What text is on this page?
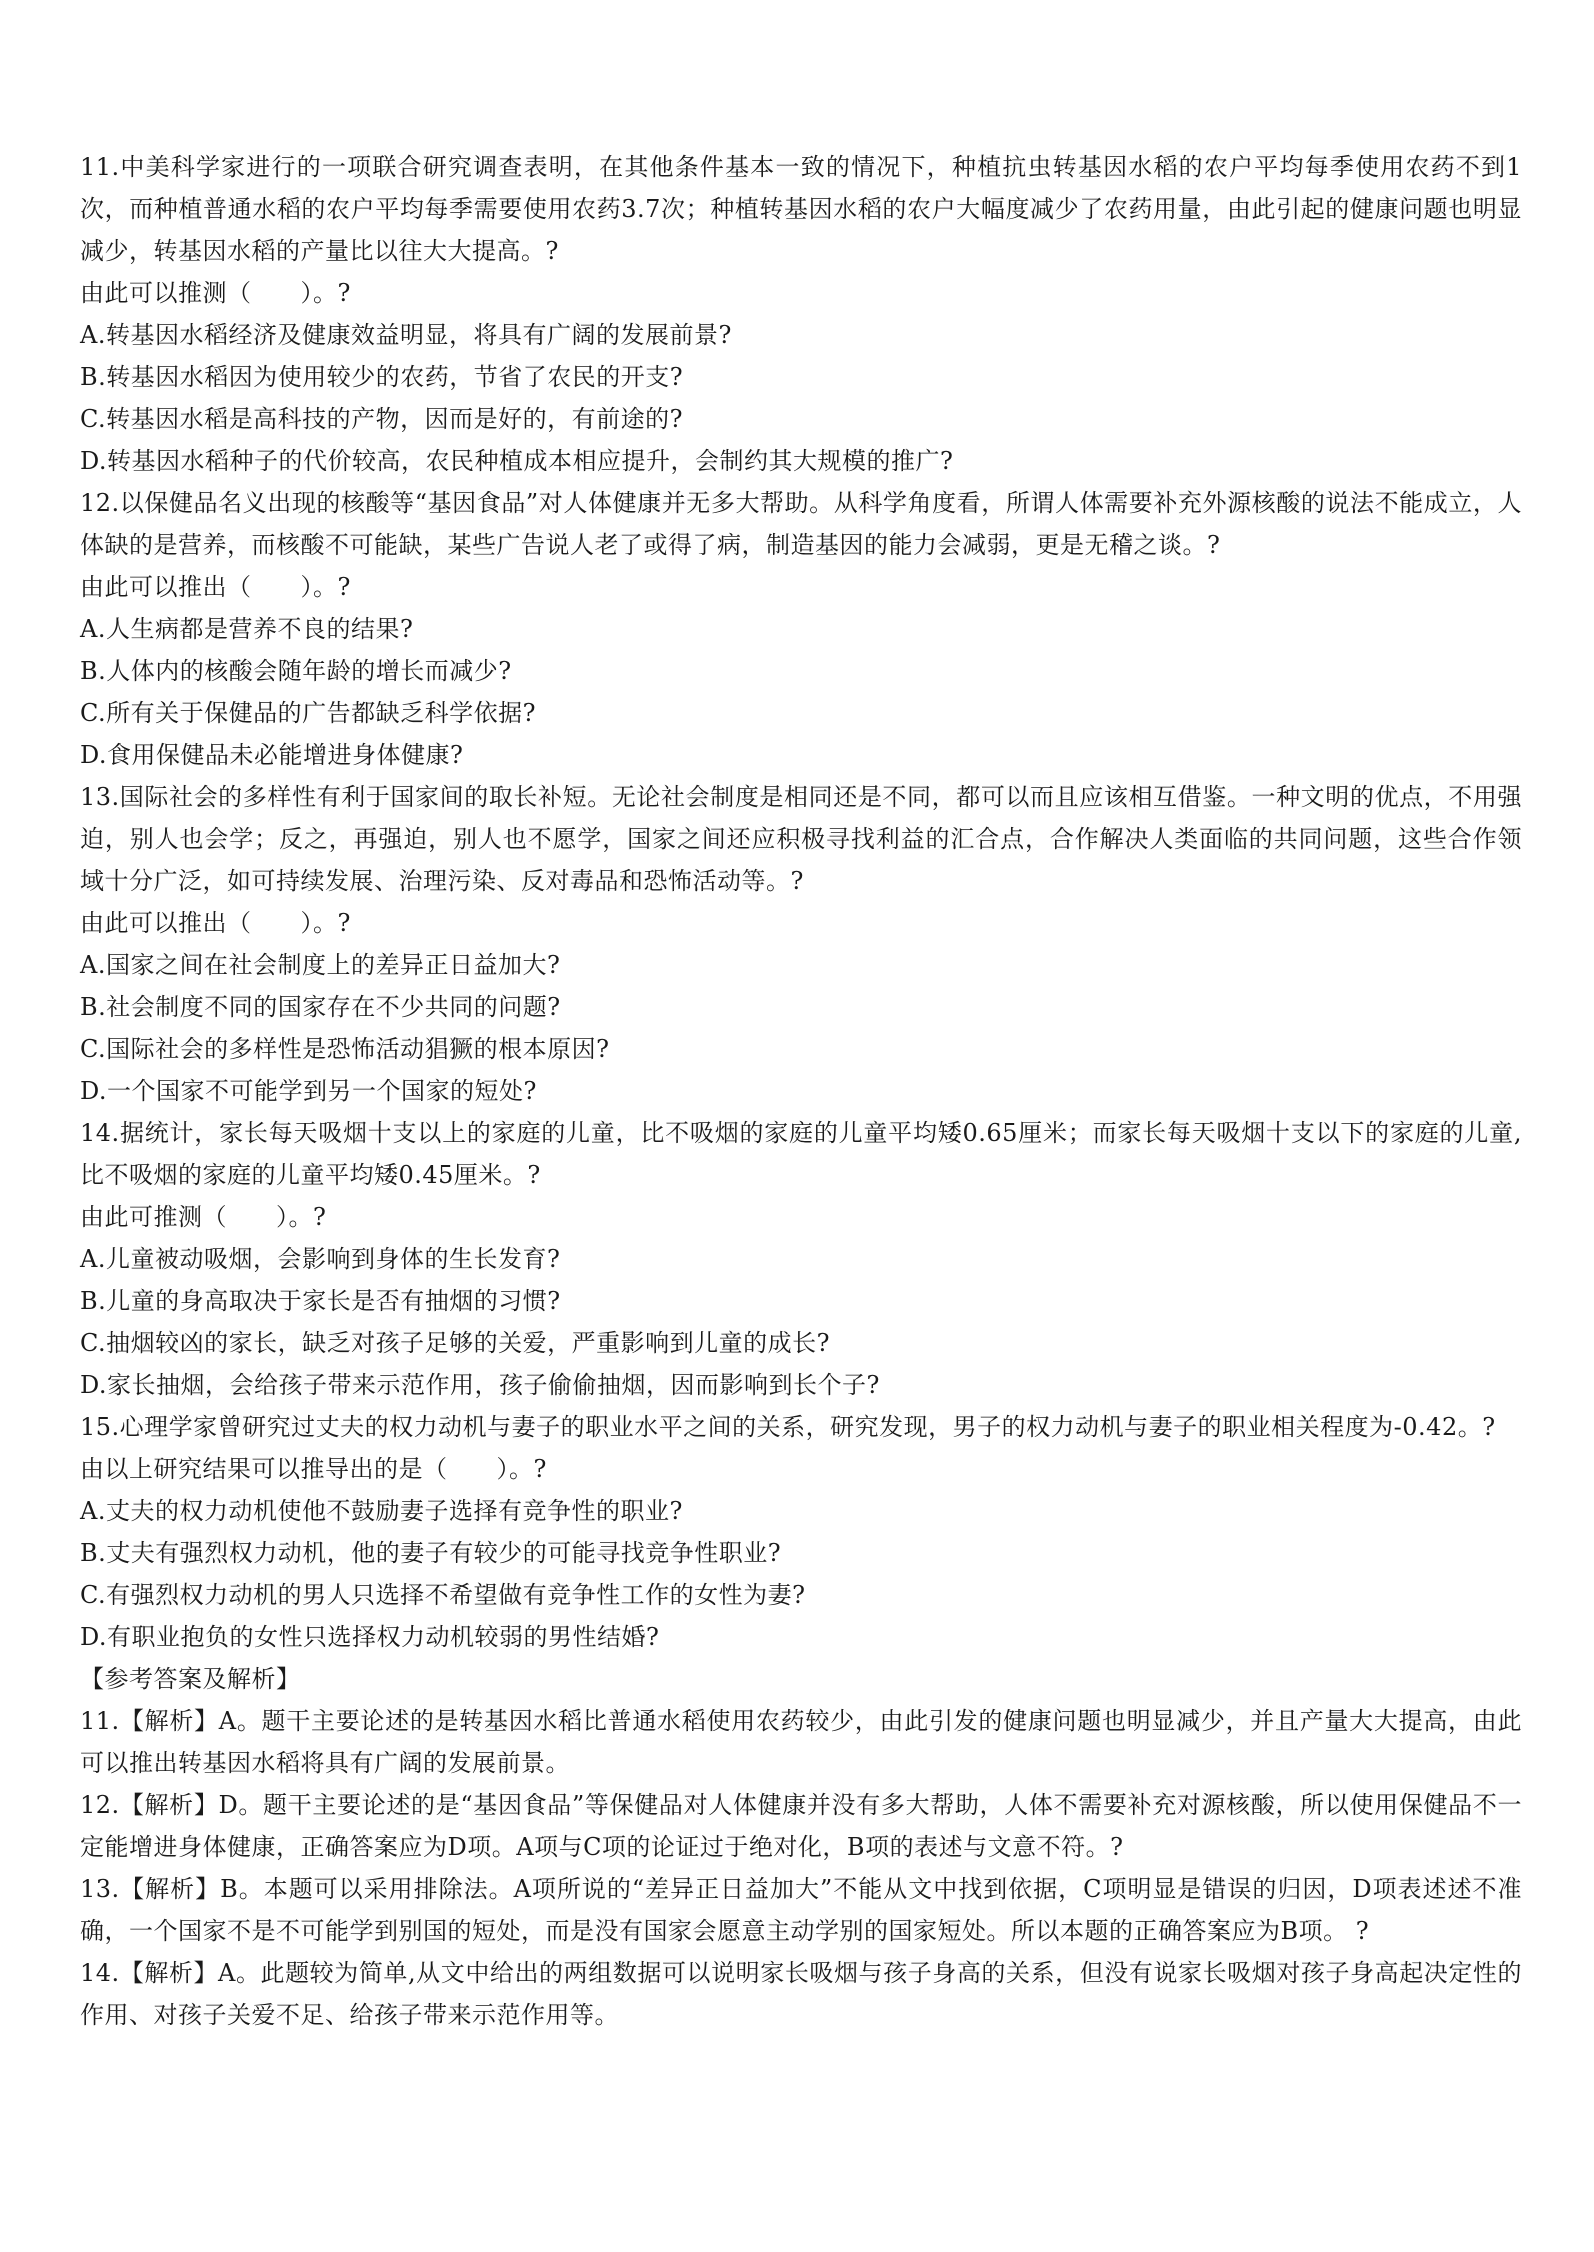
11.中美科学家进行的一项联合研究调查表明，在其他条件基本一致的情况下，种植抗虫转基因水稻的农户平均每季使用农药不到1次，而种植普通水稻的农户平均每季需要使用农药3.7次；种植转基因水稻的农户大幅度减少了农药用量，由此引起的健康问题也明显减少，转基因水稻的产量比以往大大提高。?

由此可以推测（　　）。?

A.转基因水稻经济及健康效益明显，将具有广阔的发展前景?
B.转基因水稻因为使用较少的农药，节省了农民的开支?
C.转基因水稻是高科技的产物，因而是好的，有前途的?
D.转基因水稻种子的代价较高，农民种植成本相应提升，会制约其大规模的推广?

12.以保健品名义出现的核酸等“基因食品”对人体健康并无多大帮助。从科学角度看，所谓人体需要补充外源核酸的说法不能成立，人体缺的是营养，而核酸不可能缺，某些广告说人老了或得了病，制造基因的能力会减弱，更是无稽之谈。?

由此可以推出（　　）。?

A.人生病都是营养不良的结果?
B.人体内的核酸会随年龄的增长而减少?
C.所有关于保健品的广告都缺乏科学依据?
D.食用保健品未必能增进身体健康?

13.国际社会的多样性有利于国家间的取长补短。无论社会制度是相同还是不同，都可以而且应该相互借鉴。一种文明的优点，不用强迫，别人也会学；反之，再强迫，别人也不愿学，国家之间还应积极寻找利益的汇合点，合作解决人类面临的共同问题，这些合作领域十分广泛，如可持续发展、治理污染、反对毒品和恐怖活动等。?

由此可以推出（　　）。?

A.国家之间在社会制度上的差异正日益加大?
B.社会制度不同的国家存在不少共同的问题?
C.国际社会的多样性是恐怖活动猖獗的根本原因?
D.一个国家不可能学到另一个国家的短处?

14.据统计，家长每天吸烟十支以上的家庭的儿童，比不吸烟的家庭的儿童平均矮0.65厘米；而家长每天吸烟十支以下的家庭的儿童,比不吸烟的家庭的儿童平均矮0.45厘米。?

由此可推测（　　）。?

A.儿童被动吸烟，会影响到身体的生长发育?
B.儿童的身高取决于家长是否有抽烟的习惯?
C.抽烟较凶的家长，缺乏对孩子足够的关爱，严重影响到儿童的成长?
D.家长抽烟，会给孩子带来示范作用，孩子偷偷抽烟，因而影响到长个子?

15.心理学家曾研究过丈夫的权力动机与妻子的职业水平之间的关系，研究发现，男子的权力动机与妻子的职业相关程度为-0.42。?

由以上研究结果可以推导出的是（　　）。?

A.丈夫的权力动机使他不鼓励妻子选择有竞争性的职业?
B.丈夫有强烈权力动机，他的妻子有较少的可能寻找竞争性职业?
C.有强烈权力动机的男人只选择不希望做有竞争性工作的女性为妻?
D.有职业抱负的女性只选择权力动机较弱的男性结婚?

【参考答案及解析】

11.【解析】A。题干主要论述的是转基因水稻比普通水稻使用农药较少，由此引发的健康问题也明显减少，并且产量大大提高，由此可以推出转基因水稻将具有广阔的发展前景。

12.【解析】D。题干主要论述的是“基因食品”等保健品对人体健康并没有多大帮助，人体不需要补充对源核酸，所以使用保健品不一定能增进身体健康，正确答案应为D项。A项与C项的论证过于绝对化，B项的表述与文意不符。?

13.【解析】B。本题可以采用排除法。A项所说的“差异正日益加大”不能从文中找到依据，C项明显是错误的归因，D项表述述不准确，一个国家不是不可能学到别国的短处，而是没有国家会愿意主动学别的国家短处。所以本题的正确答案应为B项。 ?

14.【解析】A。此题较为简单,从文中给出的两组数据可以说明家长吸烟与孩子身高的关系，但没有说家长吸烟对孩子身高起决定性的作用、对孩子关爱不足、给孩子带来示范作用等。
